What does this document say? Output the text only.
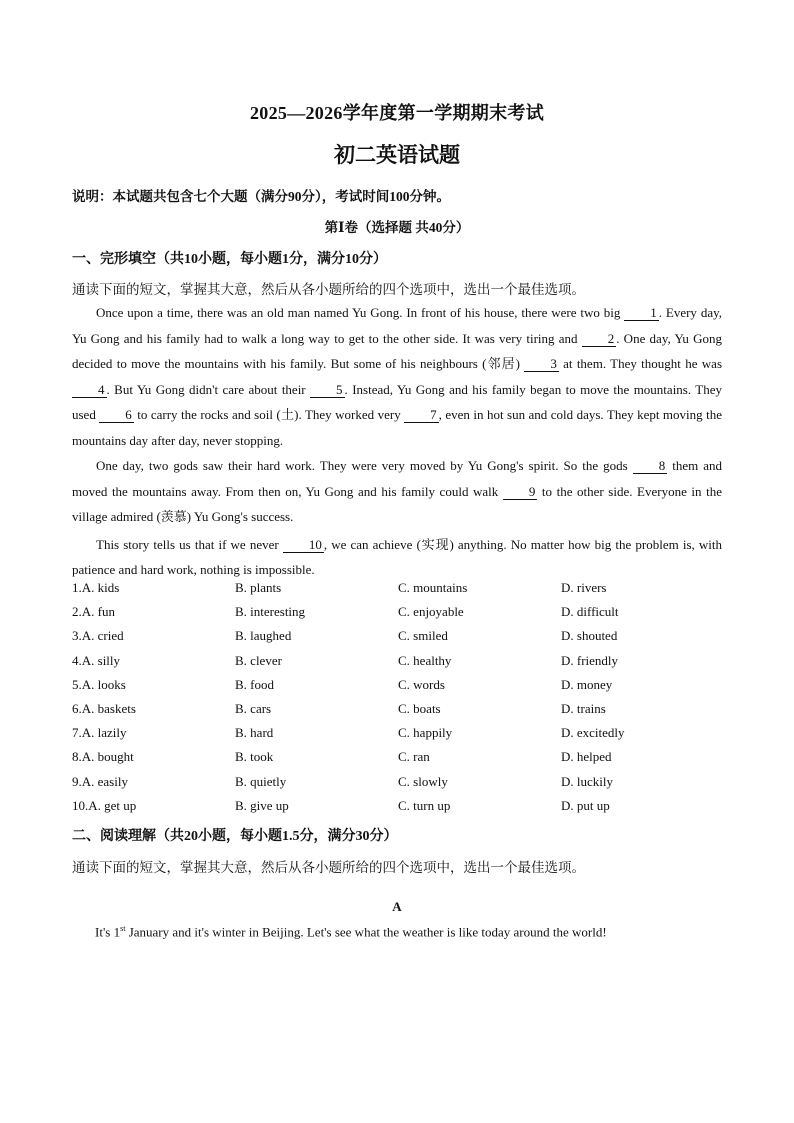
2025—2026学年度第一学期期末考试
初二英语试题
说明：本试题共包含七个大题（满分90分），考试时间100分钟。
第Ⅰ卷（选择题 共40分）
一、完形填空（共10小题，每小题1分，满分10分）
通读下面的短文，掌握其大意，然后从各小题所给的四个选项中，选出一个最佳选项。

Once upon a time, there was an old man named Yu Gong. In front of his house, there were two big 1 . Every day, Yu Gong and his family had to walk a long way to get to the other side. It was very tiring and 2 . One day, Yu Gong decided to move the mountains with his family. But some of his neighbours (邻居) 3 at them. They thought he was 4 . But Yu Gong didn't care about their 5 . Instead, Yu Gong and his family began to move the mountains. They used 6 to carry the rocks and soil (土). They worked very 7 , even in hot sun and cold days. They kept moving the mountains day after day, never stopping.

One day, two gods saw their hard work. They were very moved by Yu Gong's spirit. So the gods 8 them and moved the mountains away. From then on, Yu Gong and his family could walk 9 to the other side. Everyone in the village admired (羡慕) Yu Gong's success.

This story tells us that if we never 10 , we can achieve (实现) anything. No matter how big the problem is, with patience and hard work, nothing is impossible.

1.A. kids	B. plants	C. mountains	D. rivers
2.A. fun	B. interesting	C. enjoyable	D. difficult
3.A. cried	B. laughed	C. smiled	D. shouted
4.A. silly	B. clever	C. healthy	D. friendly
5.A. looks	B. food	C. words	D. money
6.A. baskets	B. cars	C. boats	D. trains
7.A. lazily	B. hard	C. happily	D. excitedly
8.A. bought	B. took	C. ran	D. helped
9.A. easily	B. quietly	C. slowly	D. luckily
10.A. get up	B. give up	C. turn up	D. put up
二、阅读理解（共20小题，每小题1.5分，满分30分）
通读下面的短文，掌握其大意，然后从各小题所给的四个选项中，选出一个最佳选项。
A
It's 1st January and it's winter in Beijing. Let's see what the weather is like today around the world!
